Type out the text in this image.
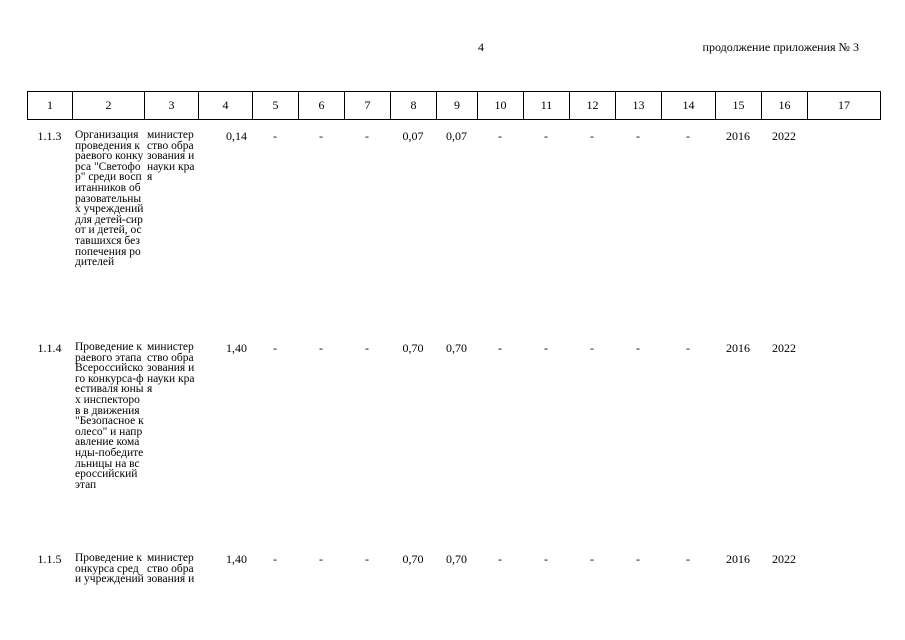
4	продолжение приложения № 3
1	2	3	4	5	6	7	8	9	10	11	12	13	14	15	16	17
1.1.3	Организация проведения краевого конкурса "Светофор" среди воспитанников образовательных учреждений для детей-сирот и детей, оставшихся без попечения родителей	министерство образования и науки края	0,14	-	-	-	0,07	0,07	-	-	-	-	-	2016	2022	
1.1.4	Проведение краевого этапа Всероссийского конкурса-фестиваля юных инспекторов в движения "Безопасное колесо" и направление команды-победительницы на всероссийский этап	министерство образования и науки края	1,40	-	-	-	0,70	0,70	-	-	-	-	-	2016	2022	
1.1.5	Проведение конкурса среди учреждений	министерство образования и	1,40	-	-	-	0,70	0,70	-	-	-	-	-	2016	2022	
